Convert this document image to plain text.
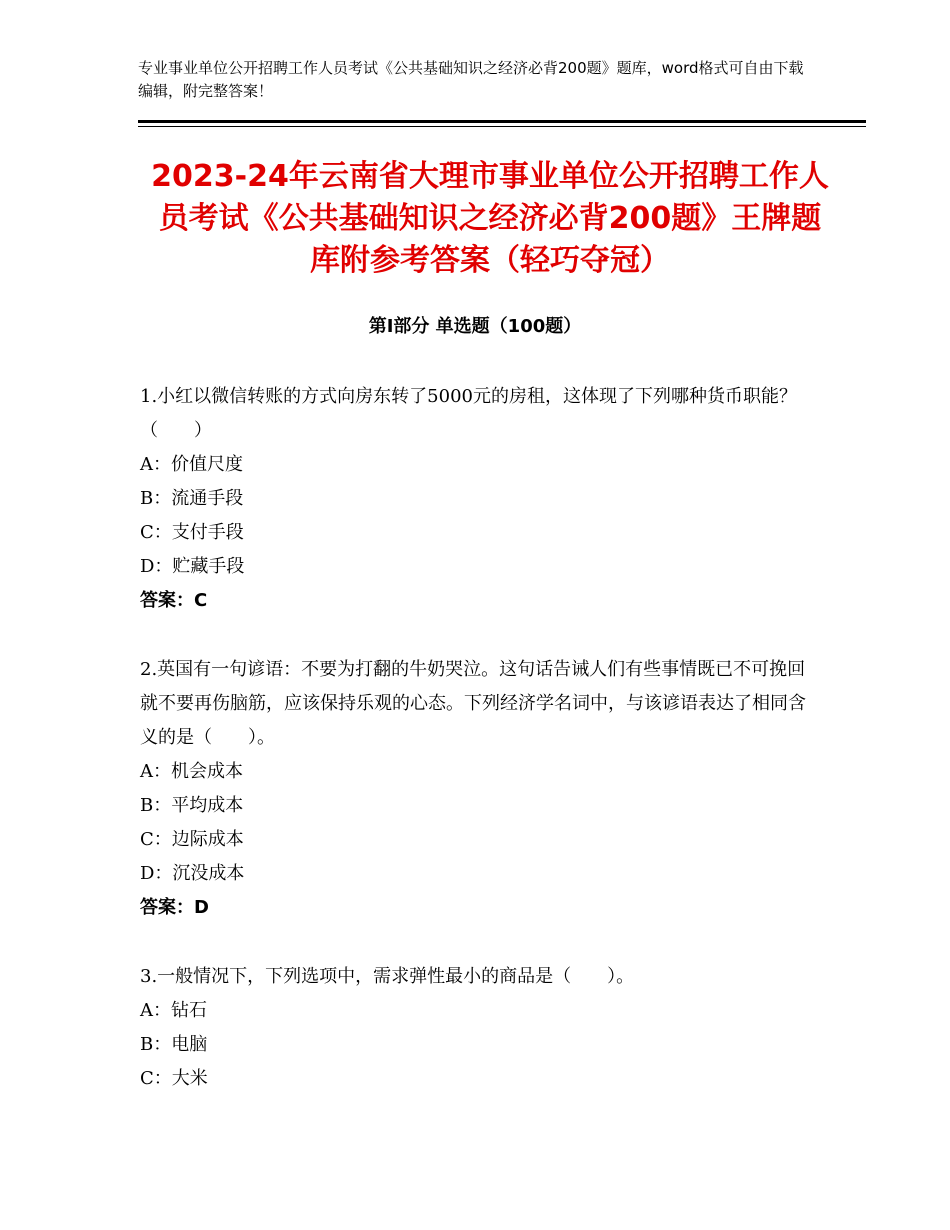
专业事业单位公开招聘工作人员考试《公共基础知识之经济必背200题》题库，word格式可自由下载编辑，附完整答案！
2023-24年云南省大理市事业单位公开招聘工作人员考试《公共基础知识之经济必背200题》王牌题库附参考答案（轻巧夺冠）
第Ⅰ部分 单选题（100题）
1.小红以微信转账的方式向房东转了5000元的房租，这体现了下列哪种货币职能？（　　）
A：价值尺度
B：流通手段
C：支付手段
D：贮藏手段
答案：C
2.英国有一句谚语：不要为打翻的牛奶哭泣。这句话告诫人们有些事情既已不可挽回就不要再伤脑筋，应该保持乐观的心态。下列经济学名词中，与该谚语表达了相同含义的是（　　）。
A：机会成本
B：平均成本
C：边际成本
D：沉没成本
答案：D
3.一般情况下，下列选项中，需求弹性最小的商品是（　　）。
A：钻石
B：电脑
C：大米
